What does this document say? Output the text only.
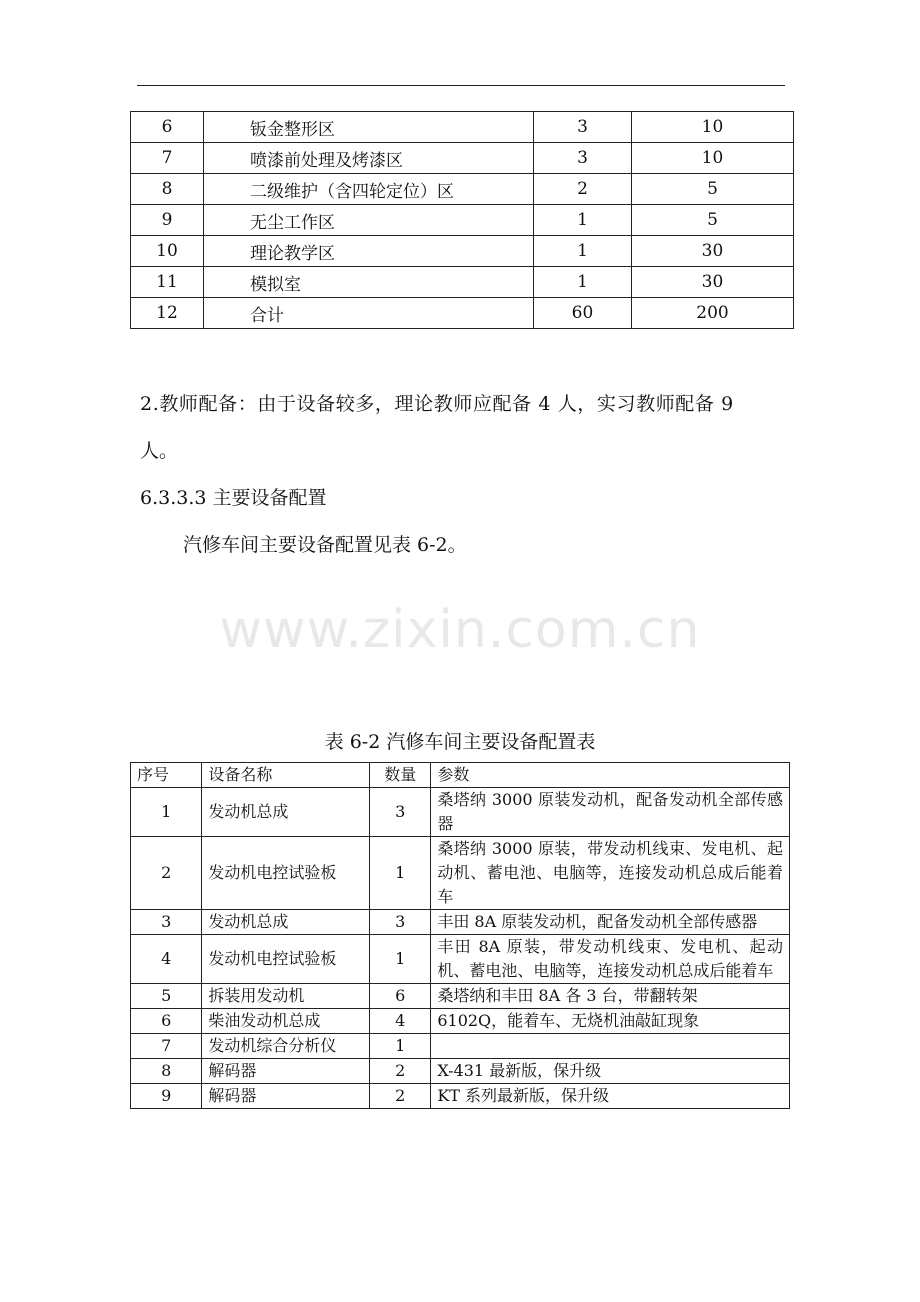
6	钣金整形区	3	10
7	喷漆前处理及烤漆区	3	10
8	二级维护（含四轮定位）区	2	5
9	无尘工作区	1	5
10	理论教学区	1	30
11	模拟室	1	30
12	合计	60	200
2.教师配备：由于设备较多，理论教师应配备 4 人，实习教师配备 9
人。
6.3.3.3 主要设备配置
汽修车间主要设备配置见表 6-2。
www.zixin.com.cn
表 6-2 汽修车间主要设备配置表
序号	设备名称	数量	参数
1	发动机总成	3	桑塔纳 3000 原装发动机，配备发动机全部传感器
2	发动机电控试验板	1	桑塔纳 3000 原装，带发动机线束、发电机、起动机、蓄电池、电脑等，连接发动机总成后能着车
3	发动机总成	3	丰田 8A 原装发动机，配备发动机全部传感器
4	发动机电控试验板	1	丰田 8A 原装，带发动机线束、发电机、起动机、蓄电池、电脑等，连接发动机总成后能着车
5	拆装用发动机	6	桑塔纳和丰田 8A 各 3 台，带翻转架
6	柴油发动机总成	4	6102Q，能着车、无烧机油敲缸现象
7	发动机综合分析仪	1	
8	解码器	2	X-431 最新版，保升级
9	解码器	2	KT 系列最新版，保升级
